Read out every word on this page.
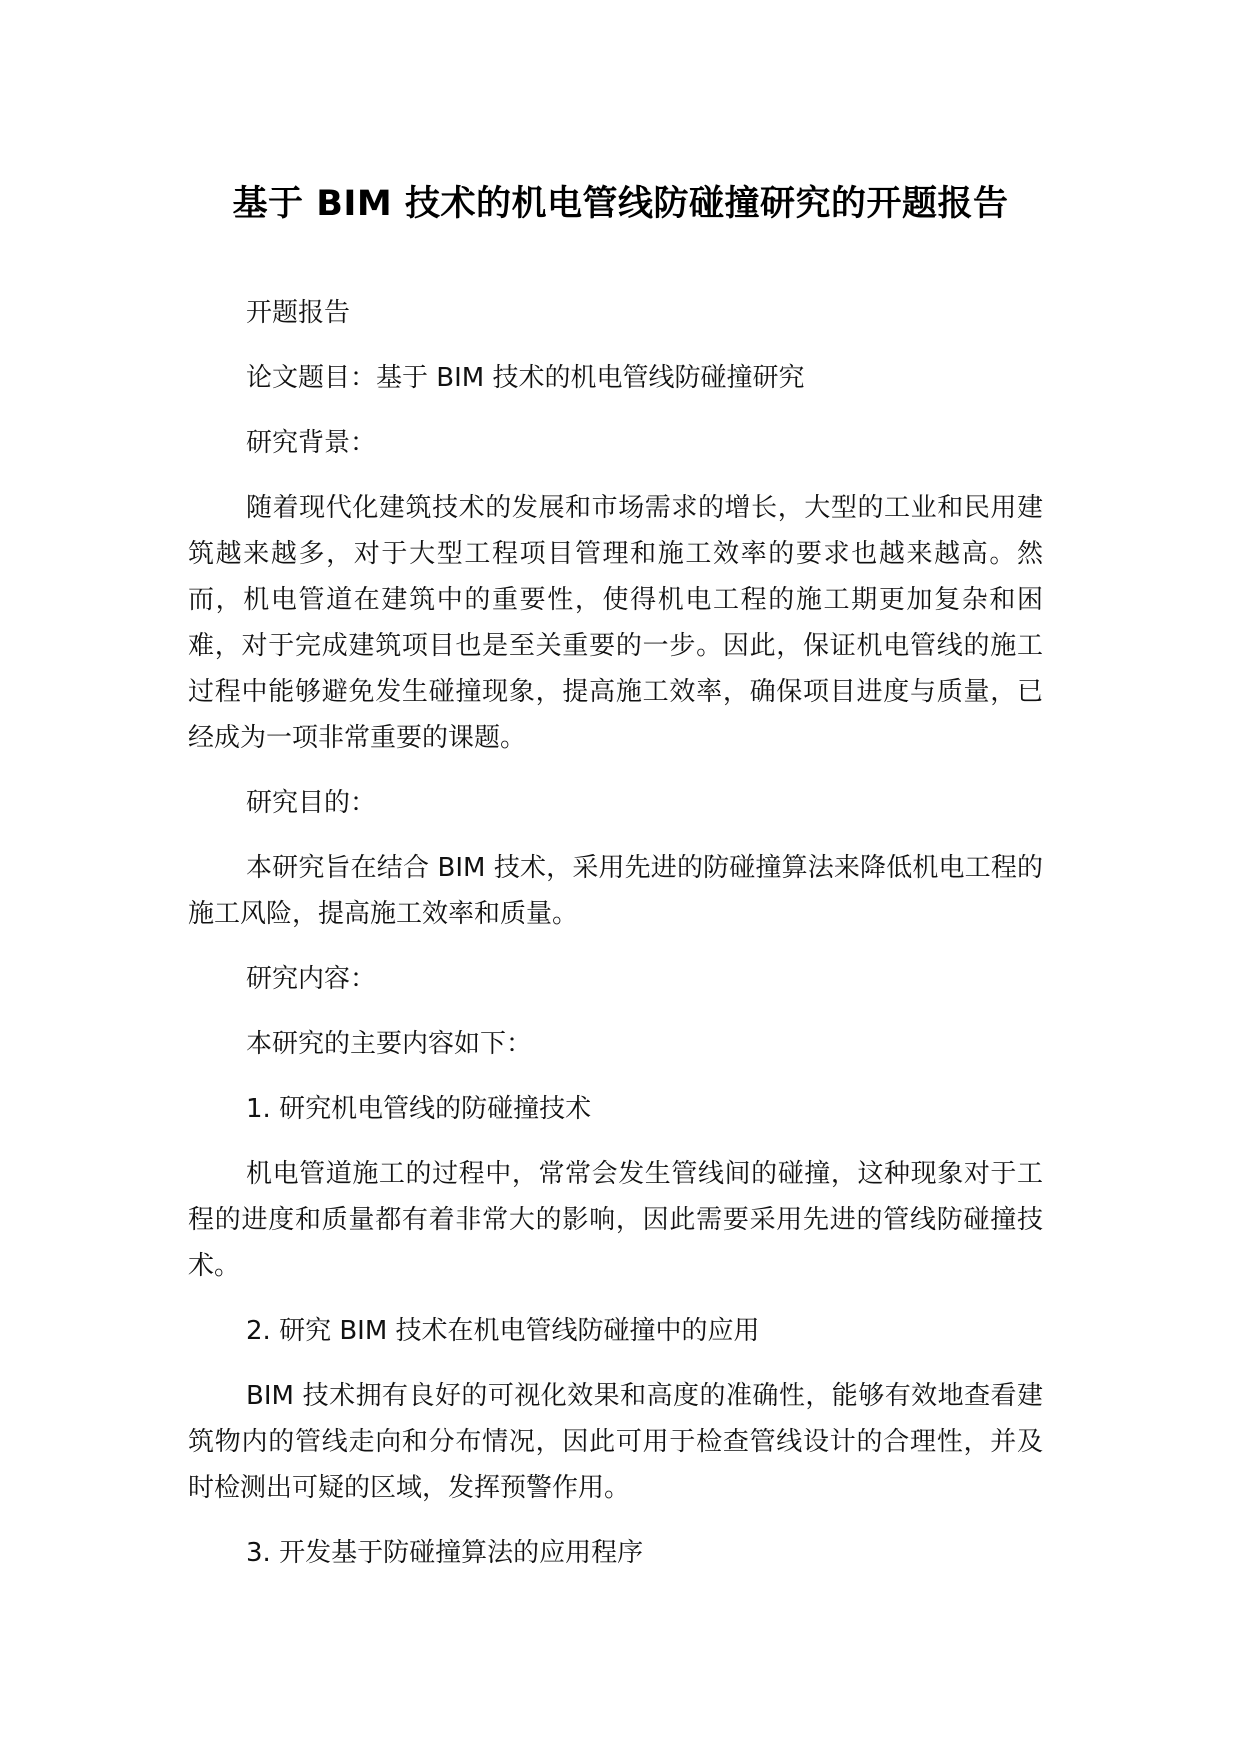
基于 BIM 技术的机电管线防碰撞研究的开题报告

开题报告

论文题目：基于 BIM 技术的机电管线防碰撞研究

研究背景：

随着现代化建筑技术的发展和市场需求的增长，大型的工业和民用建筑越来越多，对于大型工程项目管理和施工效率的要求也越来越高。然而，机电管道在建筑中的重要性，使得机电工程的施工期更加复杂和困难，对于完成建筑项目也是至关重要的一步。因此，保证机电管线的施工过程中能够避免发生碰撞现象，提高施工效率，确保项目进度与质量，已经成为一项非常重要的课题。

研究目的：

本研究旨在结合 BIM 技术，采用先进的防碰撞算法来降低机电工程的施工风险，提高施工效率和质量。

研究内容：

本研究的主要内容如下：

1. 研究机电管线的防碰撞技术

机电管道施工的过程中，常常会发生管线间的碰撞，这种现象对于工程的进度和质量都有着非常大的影响，因此需要采用先进的管线防碰撞技术。

2. 研究 BIM 技术在机电管线防碰撞中的应用

BIM 技术拥有良好的可视化效果和高度的准确性，能够有效地查看建筑物内的管线走向和分布情况，因此可用于检查管线设计的合理性，并及时检测出可疑的区域，发挥预警作用。

3. 开发基于防碰撞算法的应用程序
